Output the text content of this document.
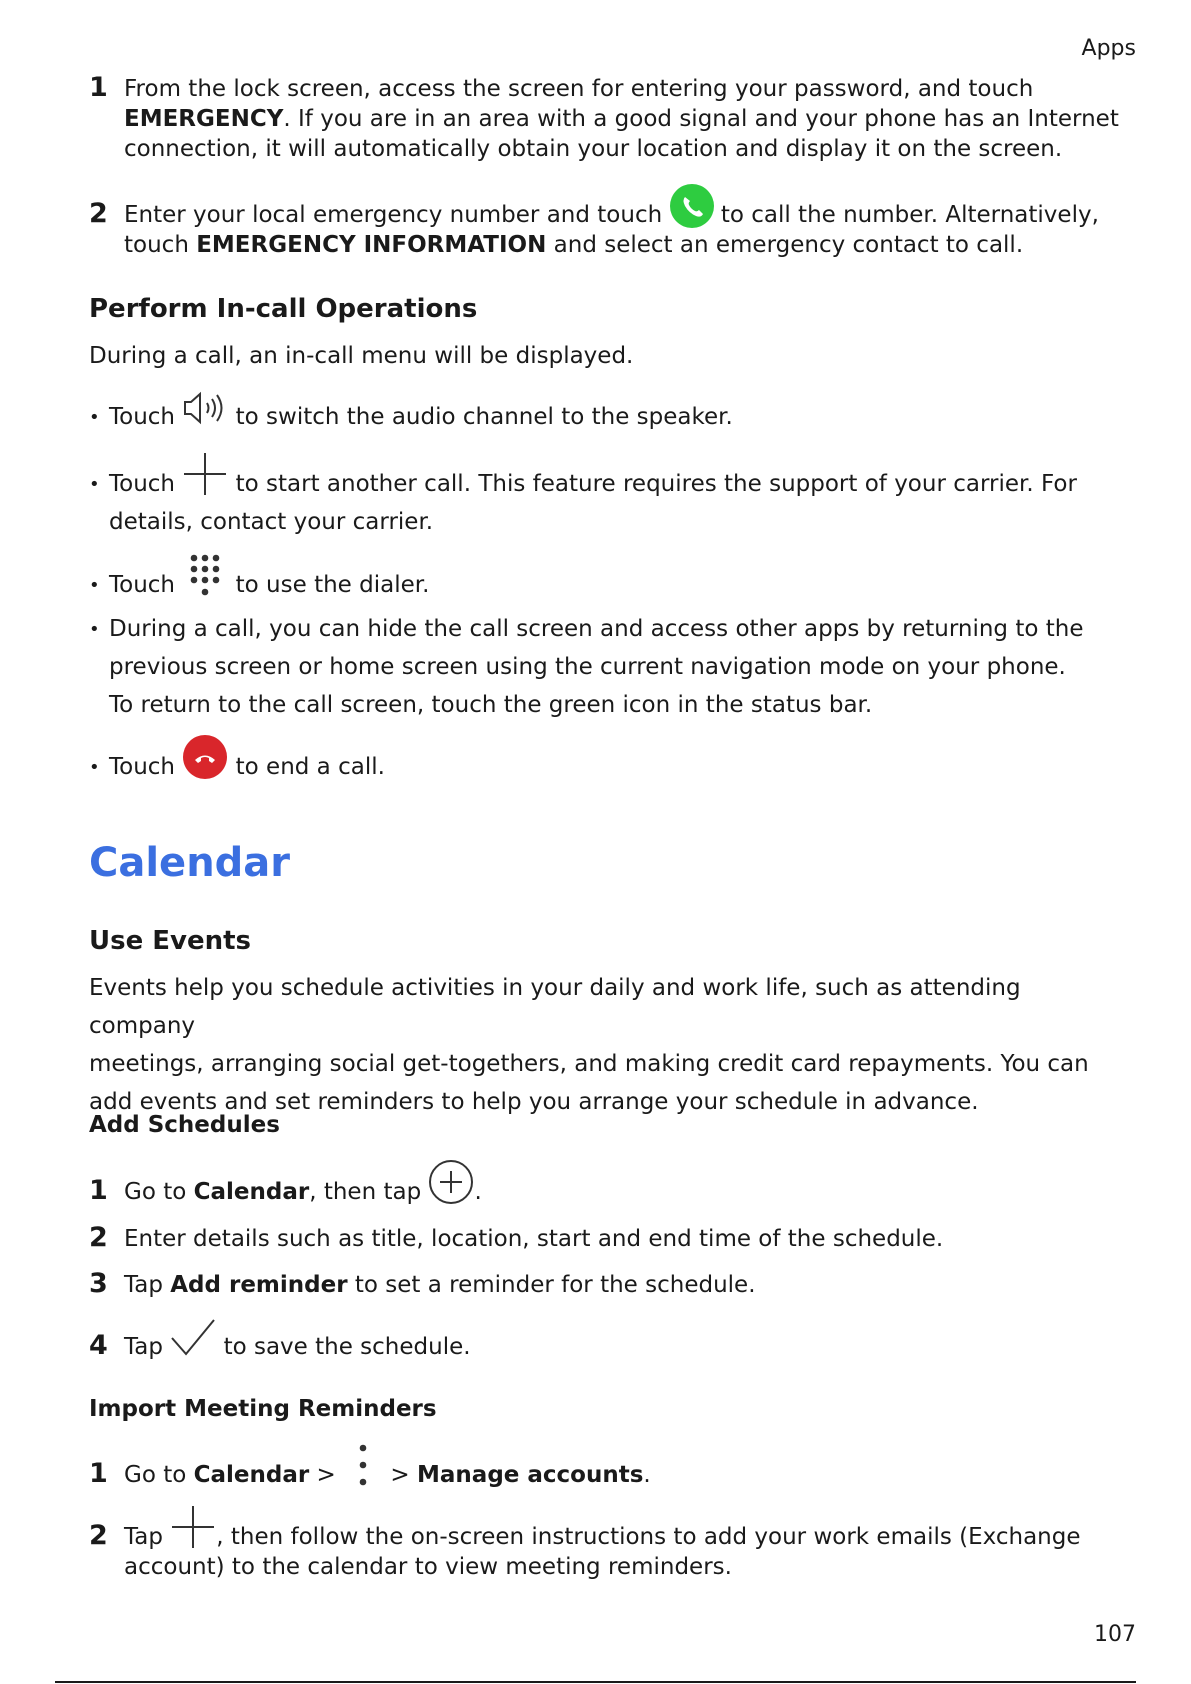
Apps
1 From the lock screen, access the screen for entering your password, and touch
EMERGENCY. If you are in an area with a good signal and your phone has an Internet
connection, it will automatically obtain your location and display it on the screen.
2 Enter your local emergency number and touch	to call the number. Alternatively,
touch EMERGENCY INFORMATION and select an emergency contact to call.
Perform In-call Operations
During a call, an in-call menu will be displayed.
• Touch	to switch the audio channel to the speaker.
• Touch	to start another call. This feature requires the support of your carrier. For
details, contact your carrier.
• Touch	to use the dialer.
• During a call, you can hide the call screen and access other apps by returning to the
previous screen or home screen using the current navigation mode on your phone.
To return to the call screen, touch the green icon in the status bar.
• Touch	to end a call.
Calendar
Use Events
Events help you schedule activities in your daily and work life, such as attending company
meetings, arranging social get-togethers, and making credit card repayments. You can
add events and set reminders to help you arrange your schedule in advance.
Add Schedules
1 Go to Calendar, then tap .
2 Enter details such as title, location, start and end time of the schedule.
3 Tap Add reminder to set a reminder for the schedule.
4 Tap	to save the schedule.
Import Meeting Reminders
1 Go to Calendar > > Manage accounts.
2 Tap , then follow the on-screen instructions to add your work emails (Exchange
account) to the calendar to view meeting reminders.
107
